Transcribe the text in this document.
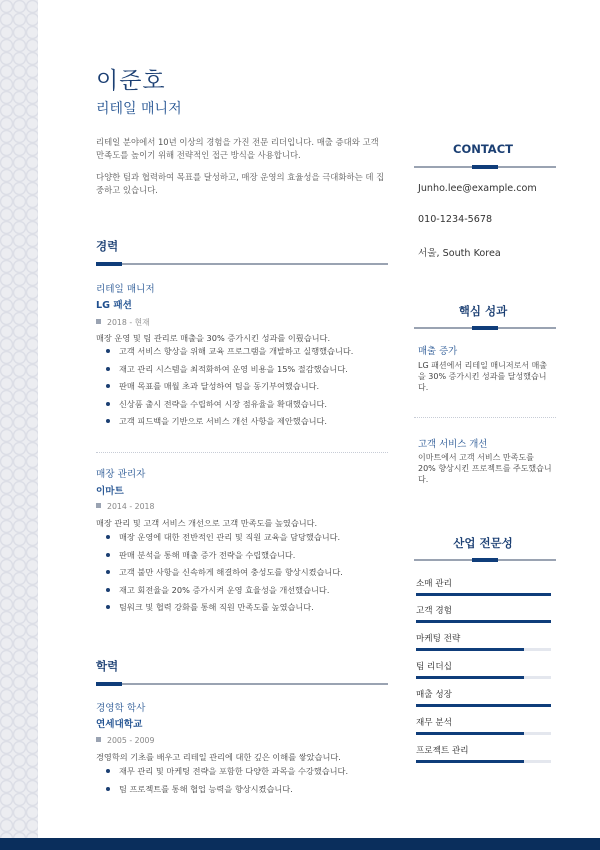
이준호
리테일 매니저
리테일 분야에서 10년 이상의 경험을 가진 전문 리더입니다. 매출 증대와 고객 만족도를 높이기 위해 전략적인 접근 방식을 사용합니다.
다양한 팀과 협력하여 목표를 달성하고, 매장 운영의 효율성을 극대화하는 데 집중하고 있습니다.
경력
리테일 매니저
LG 패션
2018 - 현재
매장 운영 및 팀 관리로 매출을 30% 증가시킨 성과를 이뤘습니다.
고객 서비스 향상을 위해 교육 프로그램을 개발하고 실행했습니다.
재고 관리 시스템을 최적화하여 운영 비용을 15% 절감했습니다.
판매 목표를 매월 초과 달성하여 팀을 동기부여했습니다.
신상품 출시 전략을 수립하여 시장 점유율을 확대했습니다.
고객 피드백을 기반으로 서비스 개선 사항을 제안했습니다.
매장 관리자
이마트
2014 - 2018
매장 관리 및 고객 서비스 개선으로 고객 만족도를 높였습니다.
매장 운영에 대한 전반적인 관리 및 직원 교육을 담당했습니다.
판매 분석을 통해 매출 증가 전략을 수립했습니다.
고객 불만 사항을 신속하게 해결하여 충성도를 향상시켰습니다.
재고 회전율을 20% 증가시켜 운영 효율성을 개선했습니다.
팀워크 및 협력 강화를 통해 직원 만족도를 높였습니다.
학력
경영학 학사
연세대학교
2005 - 2009
경영학의 기초를 배우고 리테일 관리에 대한 깊은 이해를 쌓았습니다.
재무 관리 및 마케팅 전략을 포함한 다양한 과목을 수강했습니다.
팀 프로젝트를 통해 협업 능력을 향상시켰습니다.
CONTACT
Junho.lee@example.com
010-1234-5678
서울, South Korea
핵심 성과
매출 증가
LG 패션에서 리테일 매니저로서 매출을 30% 증가시킨 성과를 달성했습니다.
고객 서비스 개선
이마트에서 고객 서비스 만족도를 20% 향상시킨 프로젝트를 주도했습니다.
산업 전문성
소매 관리
고객 경험
마케팅 전략
팀 리더십
매출 성장
재무 분석
프로젝트 관리
